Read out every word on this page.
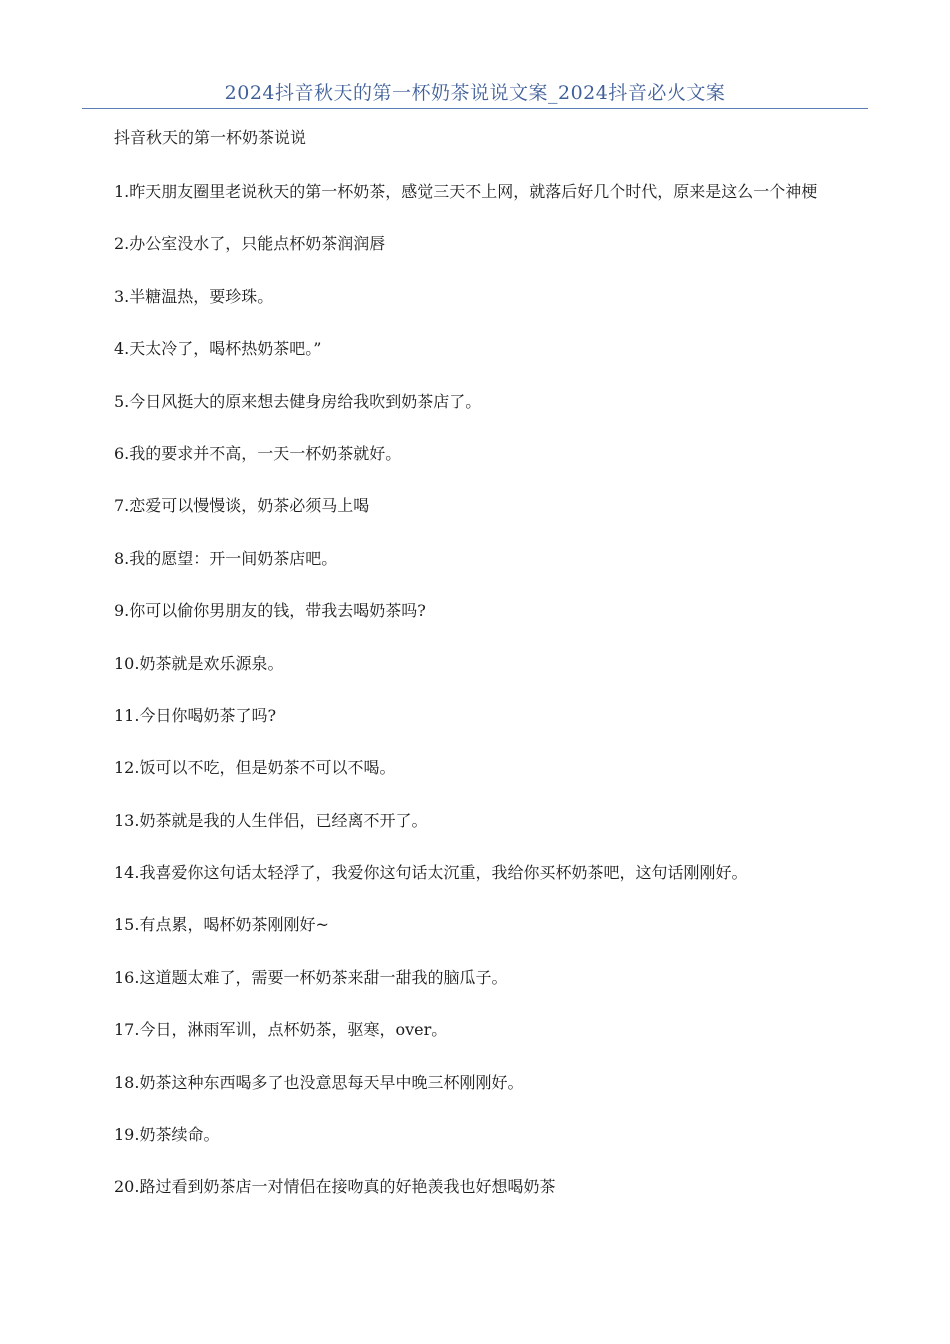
2024抖音秋天的第一杯奶茶说说文案_2024抖音必火文案

抖音秋天的第一杯奶茶说说

1.昨天朋友圈里老说秋天的第一杯奶茶，感觉三天不上网，就落后好几个时代，原来是这么一个神梗
2.办公室没水了，只能点杯奶茶润润唇
3.半糖温热，要珍珠。
4.天太冷了，喝杯热奶茶吧。”
5.今日风挺大的原来想去健身房给我吹到奶茶店了。
6.我的要求并不高，一天一杯奶茶就好。
7.恋爱可以慢慢谈，奶茶必须马上喝
8.我的愿望：开一间奶茶店吧。
9.你可以偷你男朋友的钱，带我去喝奶茶吗?
10.奶茶就是欢乐源泉。
11.今日你喝奶茶了吗?
12.饭可以不吃，但是奶茶不可以不喝。
13.奶茶就是我的人生伴侣，已经离不开了。
14.我喜爱你这句话太轻浮了，我爱你这句话太沉重，我给你买杯奶茶吧，这句话刚刚好。
15.有点累，喝杯奶茶刚刚好~
16.这道题太难了，需要一杯奶茶来甜一甜我的脑瓜子。
17.今日，淋雨军训，点杯奶茶，驱寒，over。
18.奶茶这种东西喝多了也没意思每天早中晚三杯刚刚好。
19.奶茶续命。
20.路过看到奶茶店一对情侣在接吻真的好艳羡我也好想喝奶茶
